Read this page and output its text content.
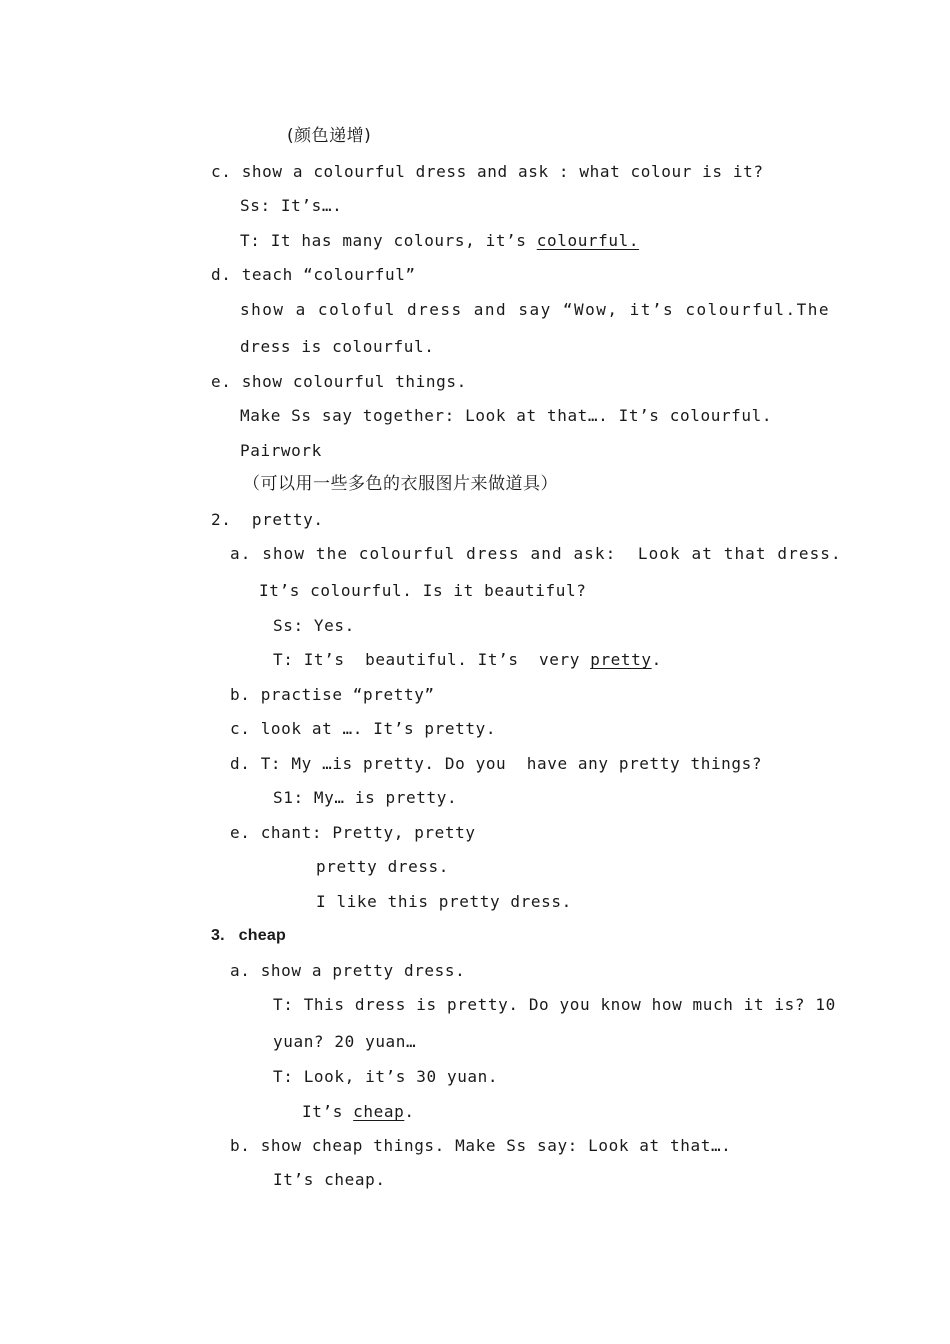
(颜色递增)
c. show a colourful dress and ask : what colour is it?
Ss: It’s….
T: It has many colours, it’s colourful.
d. teach “colourful”
show a coloful dress and say “Wow, it’s colourful.The
dress is colourful.
e. show colourful things.
Make Ss say together: Look at that…. It’s colourful.
Pairwork
（可以用一些多色的衣服图片来做道具）
2.  pretty.
a. show the colourful dress and ask:  Look at that dress.
It’s colourful. Is it beautiful?
Ss: Yes.
T: It’s  beautiful. It’s  very pretty.
b. practise “pretty”
c. look at …. It’s pretty.
d. T: My …is pretty. Do you  have any pretty things?
S1: My… is pretty.
e. chant: Pretty, pretty
pretty dress.
I like this pretty dress.
3.   cheap
a. show a pretty dress.
T: This dress is pretty. Do you know how much it is? 10
yuan? 20 yuan…
T: Look, it’s 30 yuan.
It’s cheap.
b. show cheap things. Make Ss say: Look at that….
It’s cheap.
